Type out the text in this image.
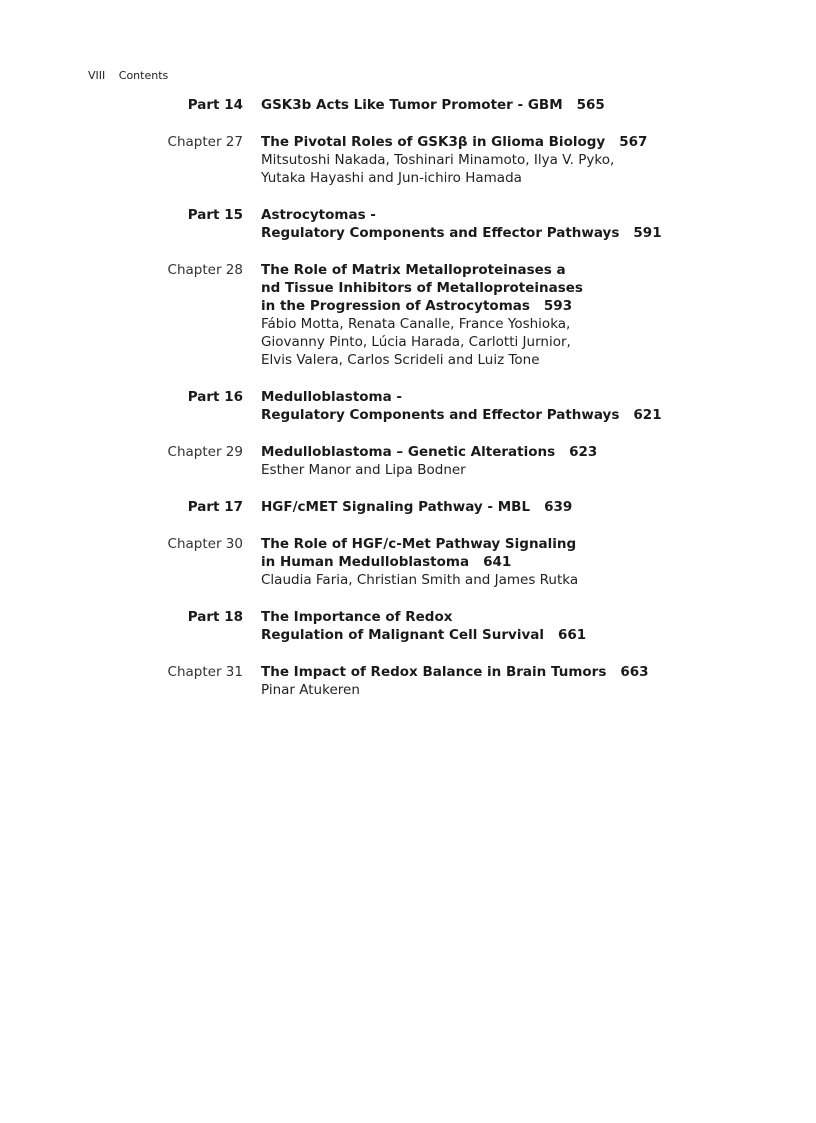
VIII Contents
Part 14 GSK3b Acts Like Tumor Promoter - GBM 565
Chapter 27 The Pivotal Roles of GSK3β in Glioma Biology 567
Mitsutoshi Nakada, Toshinari Minamoto, Ilya V. Pyko,
Yutaka Hayashi and Jun-ichiro Hamada
Part 15 Astrocytomas -
Regulatory Components and Effector Pathways 591
Chapter 28 The Role of Matrix Metalloproteinases a
nd Tissue Inhibitors of Metalloproteinases
in the Progression of Astrocytomas 593
Fábio Motta, Renata Canalle, France Yoshioka,
Giovanny Pinto, Lúcia Harada, Carlotti Jurnior,
Elvis Valera, Carlos Scrideli and Luiz Tone
Part 16 Medulloblastoma -
Regulatory Components and Effector Pathways 621
Chapter 29 Medulloblastoma – Genetic Alterations 623
Esther Manor and Lipa Bodner
Part 17 HGF/cMET Signaling Pathway - MBL 639
Chapter 30 The Role of HGF/c-Met Pathway Signaling
in Human Medulloblastoma 641
Claudia Faria, Christian Smith and James Rutka
Part 18 The Importance of Redox
Regulation of Malignant Cell Survival 661
Chapter 31 The Impact of Redox Balance in Brain Tumors 663
Pinar Atukeren
